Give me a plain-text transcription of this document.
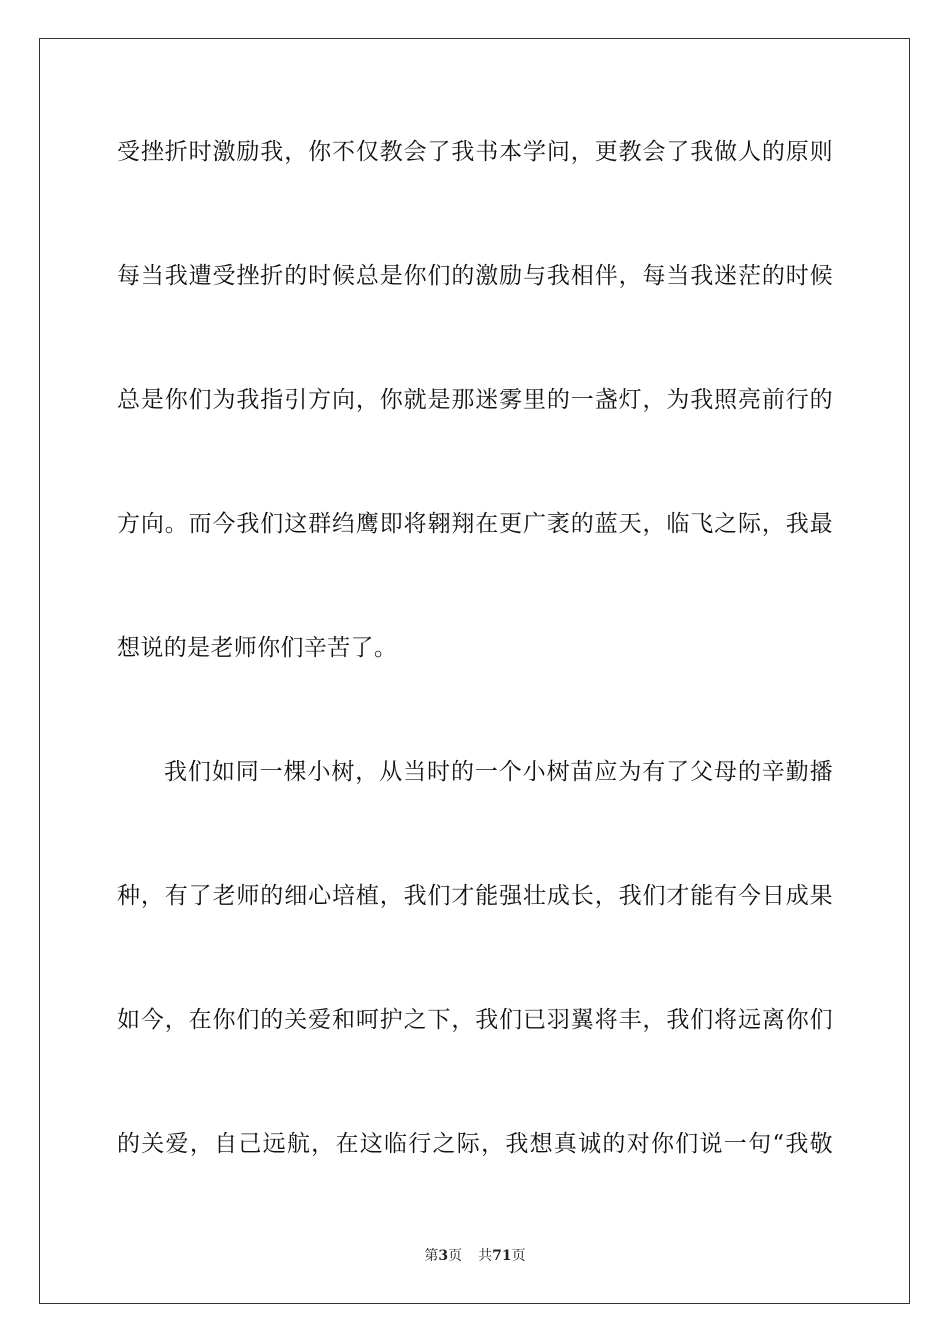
受挫折时激励我，你不仅教会了我书本学问，更教会了我做人的原则
每当我遭受挫折的时候总是你们的激励与我相伴，每当我迷茫的时候
总是你们为我指引方向，你就是那迷雾里的一盏灯，为我照亮前行的
方向。而今我们这群绉鹰即将翱翔在更广袤的蓝天，临飞之际，我最
想说的是老师你们辛苦了。
我们如同一棵小树，从当时的一个小树苗应为有了父母的辛勤播
种，有了老师的细心培植，我们才能强壮成长，我们才能有今日成果
如今，在你们的关爱和呵护之下，我们已羽翼将丰，我们将远离你们
的关爱，自己远航，在这临行之际，我想真诚的对你们说一句“我敬
第3页 共71页
